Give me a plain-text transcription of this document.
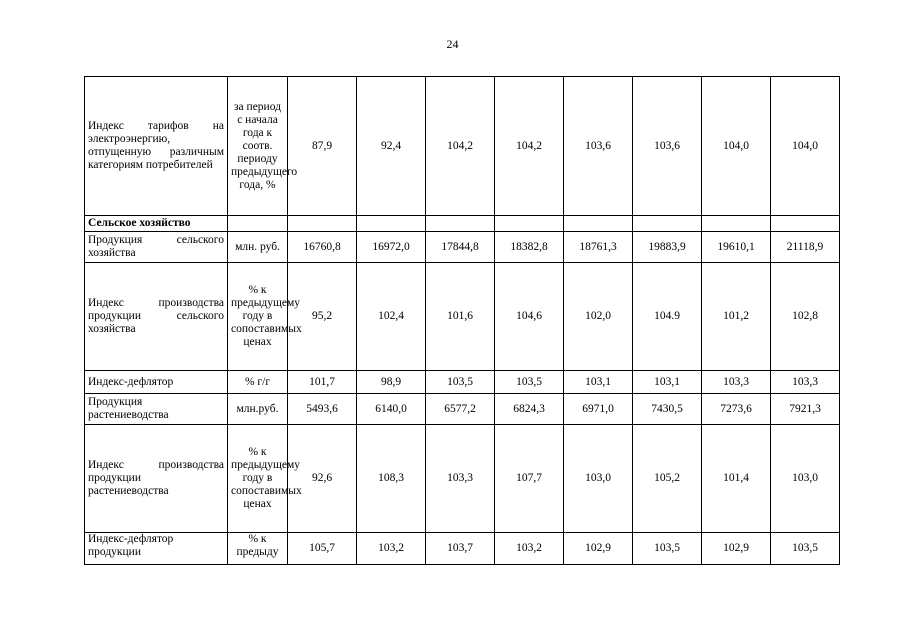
24
Индекс тарифов на электроэнергию, отпущенную различным категориям потребителей	за период с начала года к соотв. периоду предыдущего года, %	87,9	92,4	104,2	104,2	103,6	103,6	104,0	104,0
Сельское хозяйство									

Продукция сельского хозяйства	млн. руб.	16760,8	16972,0	17844,8	18382,8	18761,3	19883,9	19610,1	21118,9

Индекс производства продукции сельского хозяйства	% к предыдущему году в сопоставимых ценах	95,2	102,4	101,6	104,6	102,0	104.9	101,2	102,8

Индекс-дефлятор	% г/г	101,7	98,9	103,5	103,5	103,1	103,1	103,3	103,3

Продукция растениеводства	млн.руб.	5493,6	6140,0	6577,2	6824,3	6971,0	7430,5	7273,6	7921,3

Индекс производства продукции растениеводства	% к предыдущему году в сопоставимых ценах	92,6	108,3	103,3	107,7	103,0	105,2	101,4	103,0

Индекс-дефлятор продукции	% к предыду	105,7	103,2	103,7	103,2	102,9	103,5	102,9	103,5
